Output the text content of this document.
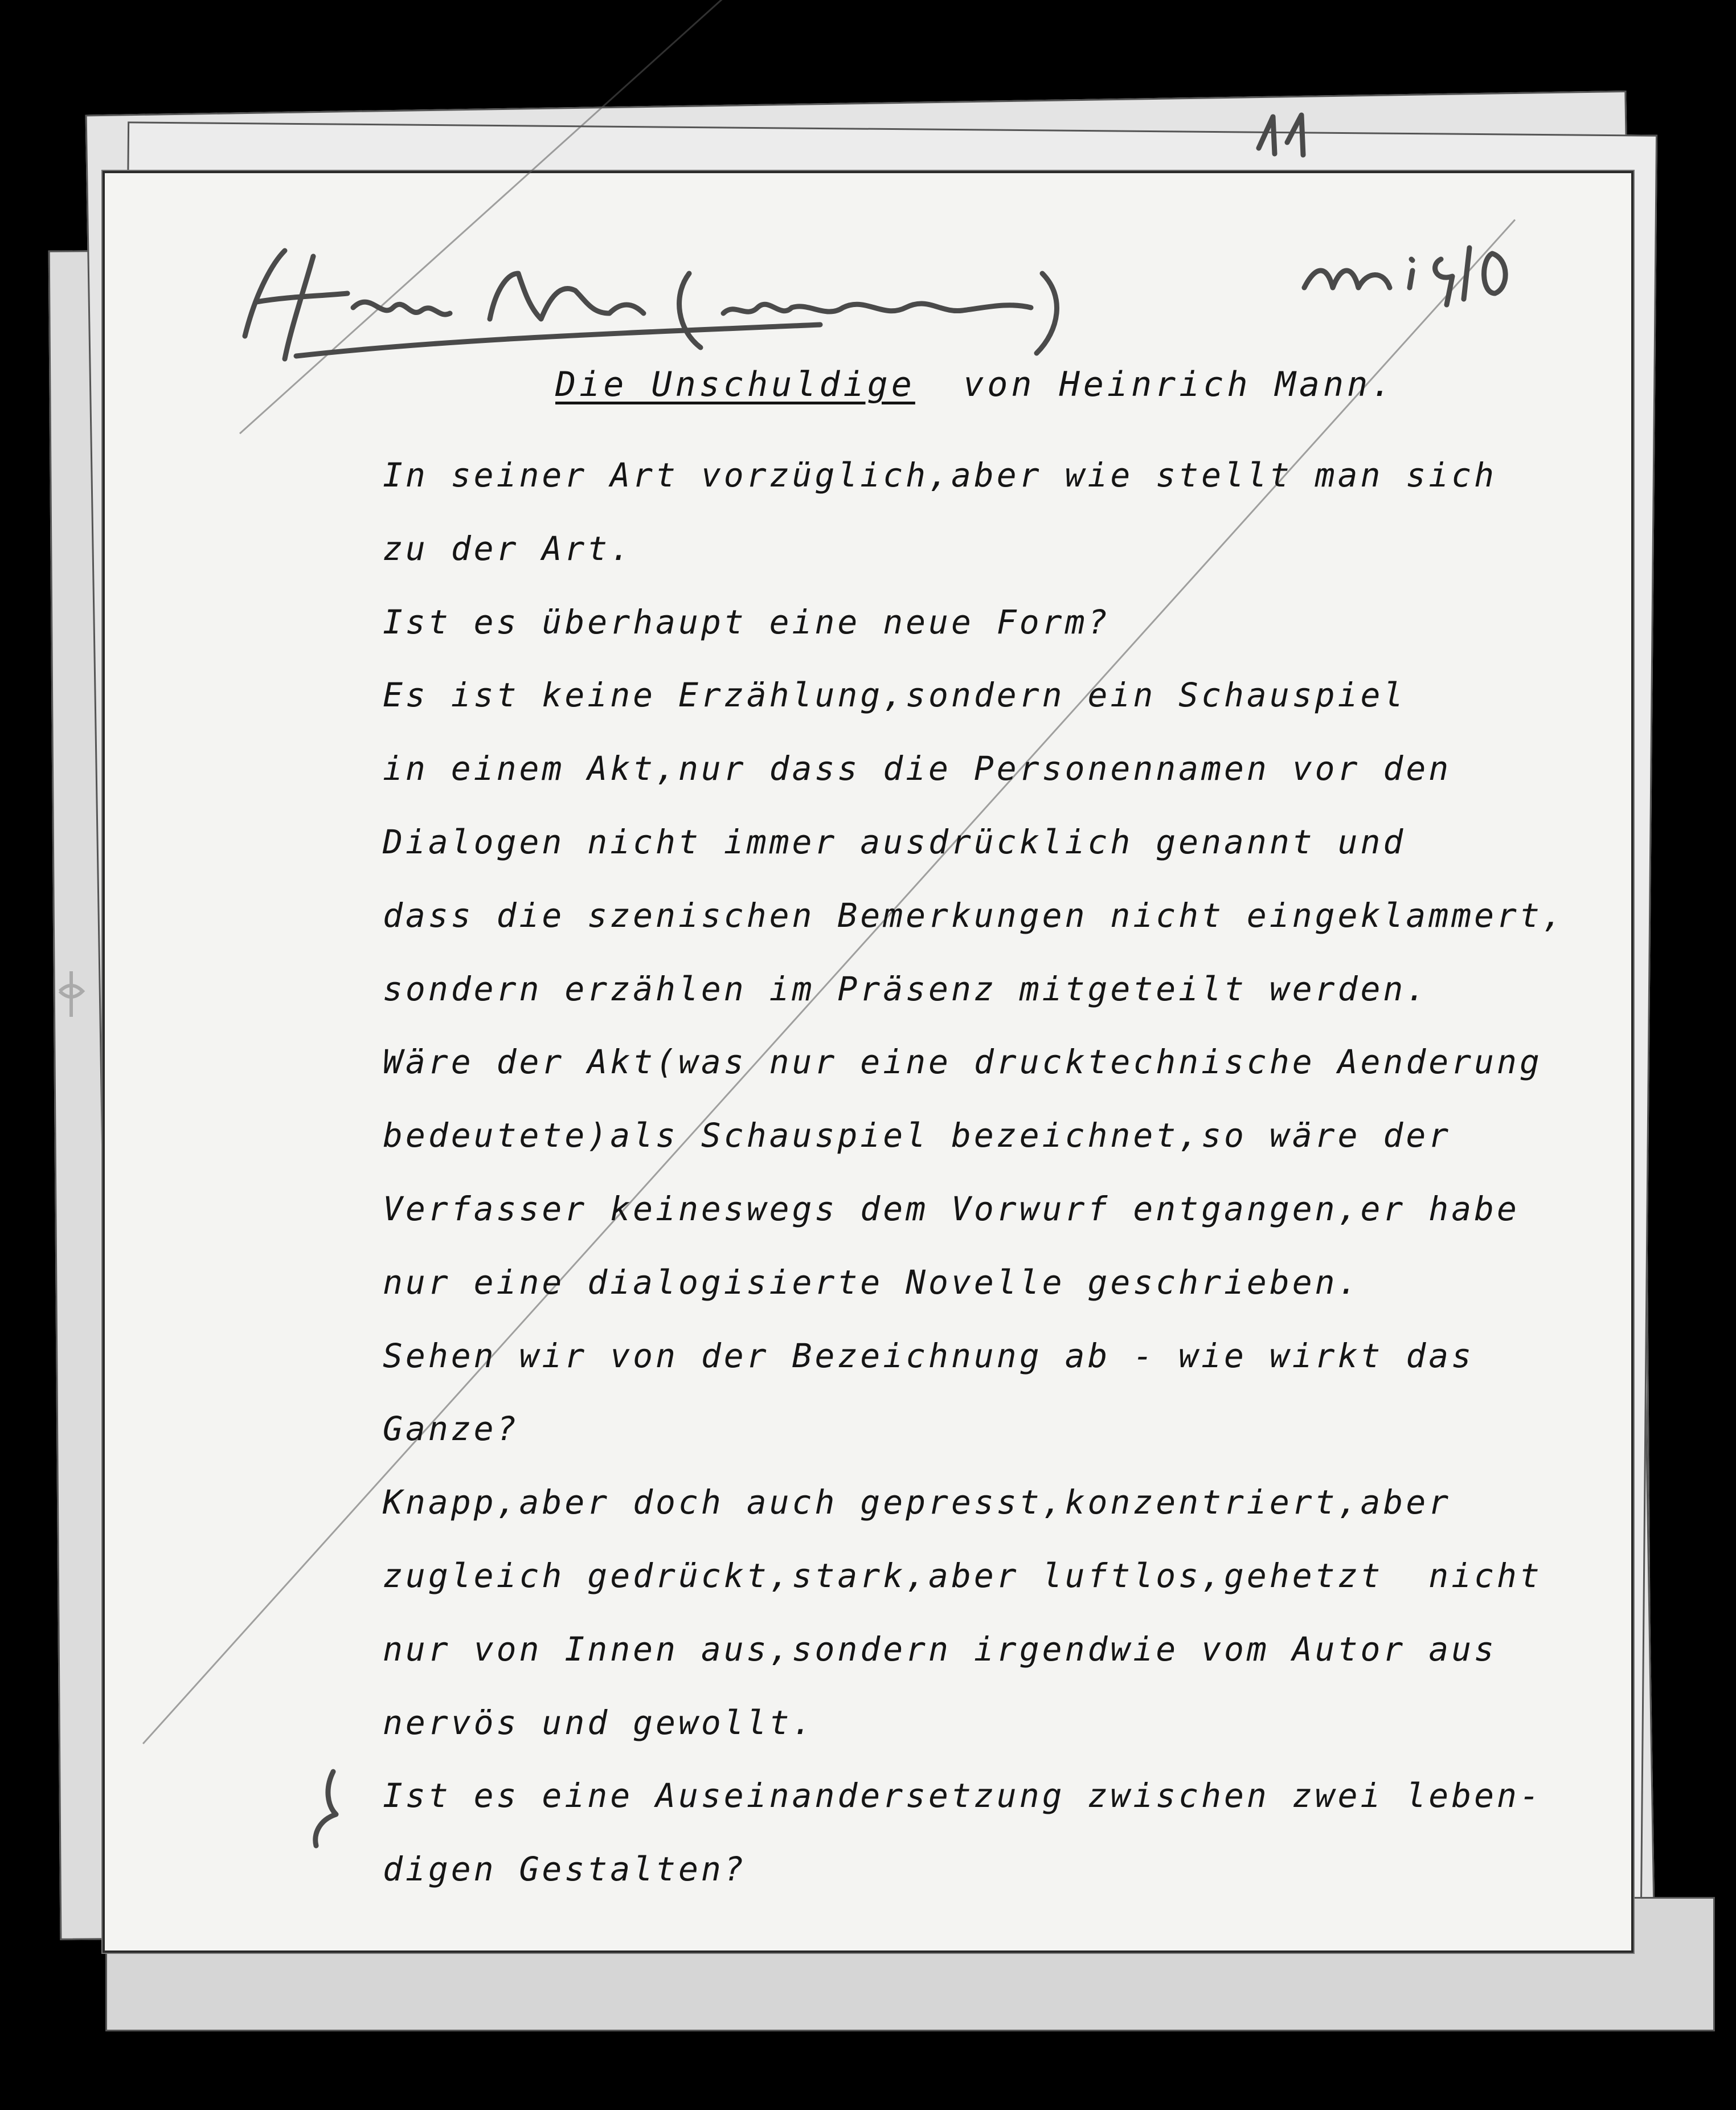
Die Unschuldige  von Heinrich Mann.
In seiner Art vorzüglich,aber wie stellt man sich
zu der Art.
Ist es überhaupt eine neue Form?
Es ist keine Erzählung,sondern ein Schauspiel
in einem Akt,nur dass die Personennamen vor den
Dialogen nicht immer ausdrücklich genannt und
dass die szenischen Bemerkungen nicht eingeklammert,
sondern erzählen im Präsenz mitgeteilt werden.
Wäre der Akt(was nur eine drucktechnische Aenderung
bedeutete)als Schauspiel bezeichnet,so wäre der
Verfasser keineswegs dem Vorwurf entgangen,er habe
nur eine dialogisierte Novelle geschrieben.
Sehen wir von der Bezeichnung ab - wie wirkt das
Ganze?
Knapp,aber doch auch gepresst,konzentriert,aber
zugleich gedrückt,stark,aber luftlos,gehetzt  nicht
nur von Innen aus,sondern irgendwie vom Autor aus
nervös und gewollt.
Ist es eine Auseinandersetzung zwischen zwei leben-
digen Gestalten?
